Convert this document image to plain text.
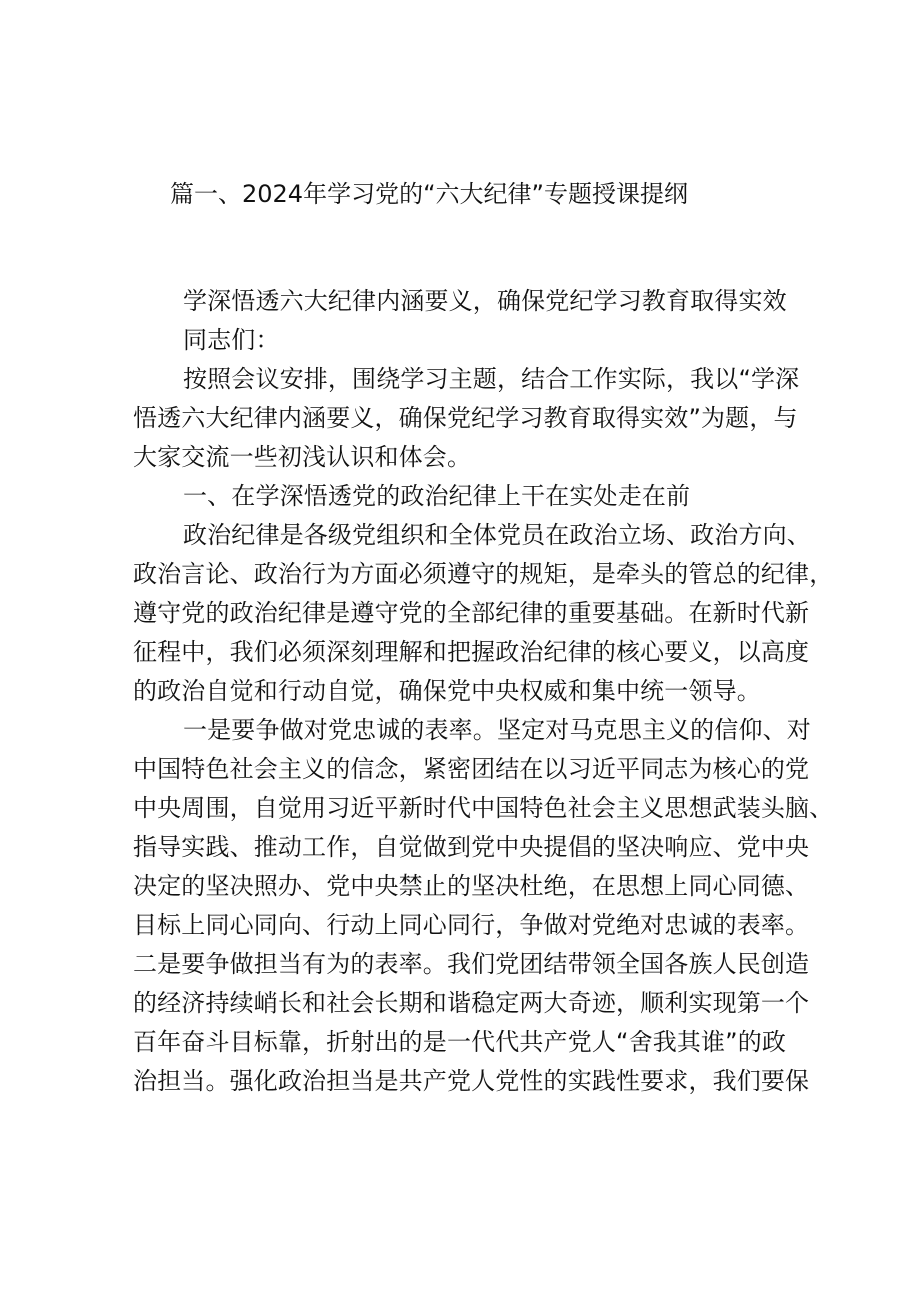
篇一、2024年学习党的“六大纪律”专题授课提纲
学深悟透六大纪律内涵要义，确保党纪学习教育取得实效
同志们：
按照会议安排，围绕学习主题，结合工作实际，我以“学深
悟透六大纪律内涵要义，确保党纪学习教育取得实效”为题，与
大家交流一些初浅认识和体会。
一、在学深悟透党的政治纪律上干在实处走在前
政治纪律是各级党组织和全体党员在政治立场、政治方向、
政治言论、政治行为方面必须遵守的规矩，是牵头的管总的纪律，
遵守党的政治纪律是遵守党的全部纪律的重要基础。在新时代新
征程中，我们必须深刻理解和把握政治纪律的核心要义，以高度
的政治自觉和行动自觉，确保党中央权威和集中统一领导。
一是要争做对党忠诚的表率。坚定对马克思主义的信仰、对
中国特色社会主义的信念，紧密团结在以习近平同志为核心的党
中央周围，自觉用习近平新时代中国特色社会主义思想武装头脑、
指导实践、推动工作，自觉做到党中央提倡的坚决响应、党中央
决定的坚决照办、党中央禁止的坚决杜绝，在思想上同心同德、
目标上同心同向、行动上同心同行，争做对党绝对忠诚的表率。
二是要争做担当有为的表率。我们党团结带领全国各族人民创造
的经济持续峭长和社会长期和谐稳定两大奇迹，顺利实现第一个
百年奋斗目标靠，折射出的是一代代共产党人“舍我其谁”的政
治担当。强化政治担当是共产党人党性的实践性要求，我们要保
